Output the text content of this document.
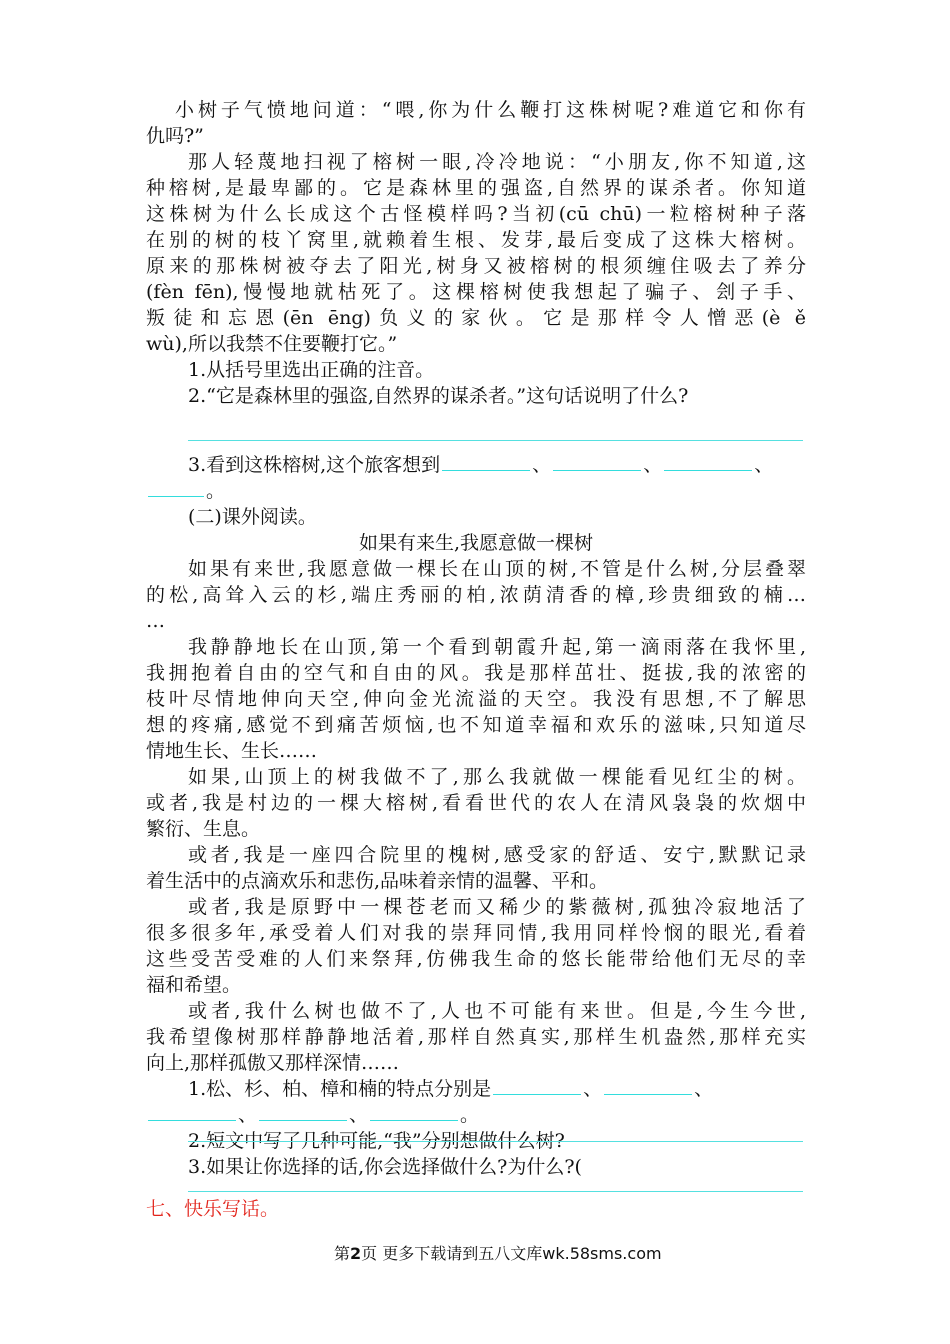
小树子气愤地问道：“喂,你为什么鞭打这株树呢?难道它和你有
仇吗?”
那人轻蔑地扫视了榕树一眼,冷冷地说：“小朋友,你不知道,这
种榕树,是最卑鄙的。它是森林里的强盗,自然界的谋杀者。你知道
这株树为什么长成这个古怪模样吗?当初(cū chū)一粒榕树种子落
在别的树的枝丫窝里,就赖着生根、发芽,最后变成了这株大榕树。
原来的那株树被夺去了阳光,树身又被榕树的根须缠住吸去了养分
(fèn fēn),慢慢地就枯死了。这棵榕树使我想起了骗子、刽子手、
叛徒和忘恩(ēn ēng)负义的家伙。它是那样令人憎恶(è ě
wù),所以我禁不住要鞭打它。”
1.从括号里选出正确的注音。
2.“它是森林里的强盗,自然界的谋杀者。”这句话说明了什么?
3.看到这株榕树,这个旅客想到	、	、	、
。
(二)课外阅读。
如果有来生,我愿意做一棵树
如果有来世,我愿意做一棵长在山顶的树,不管是什么树,分层叠翠
的松,高耸入云的杉,端庄秀丽的柏,浓荫清香的樟,珍贵细致的楠…
…
我静静地长在山顶,第一个看到朝霞升起,第一滴雨落在我怀里,
我拥抱着自由的空气和自由的风。我是那样茁壮、挺拔,我的浓密的
枝叶尽情地伸向天空,伸向金光流溢的天空。我没有思想,不了解思
想的疼痛,感觉不到痛苦烦恼,也不知道幸福和欢乐的滋味,只知道尽
情地生长、生长……
如果,山顶上的树我做不了,那么我就做一棵能看见红尘的树。
或者,我是村边的一棵大榕树,看看世代的农人在清风袅袅的炊烟中
繁衍、生息。
或者,我是一座四合院里的槐树,感受家的舒适、安宁,默默记录
着生活中的点滴欢乐和悲伤,品味着亲情的温馨、平和。
或者,我是原野中一棵苍老而又稀少的紫薇树,孤独冷寂地活了
很多很多年,承受着人们对我的崇拜同情,我用同样怜悯的眼光,看着
这些受苦受难的人们来祭拜,仿佛我生命的悠长能带给他们无尽的幸
福和希望。
或者,我什么树也做不了,人也不可能有来世。但是,今生今世,
我希望像树那样静静地活着,那样自然真实,那样生机盎然,那样充实
向上,那样孤傲又那样深情……
1.松、杉、柏、樟和楠的特点分别是	、	、
、	、	。
2.短文中写了几种可能,“我”分别想做什么树?
3.如果让你选择的话,你会选择做什么?为什么?(
七、快乐写话。
第2页 更多下载请到五八文库wk.58sms.com
